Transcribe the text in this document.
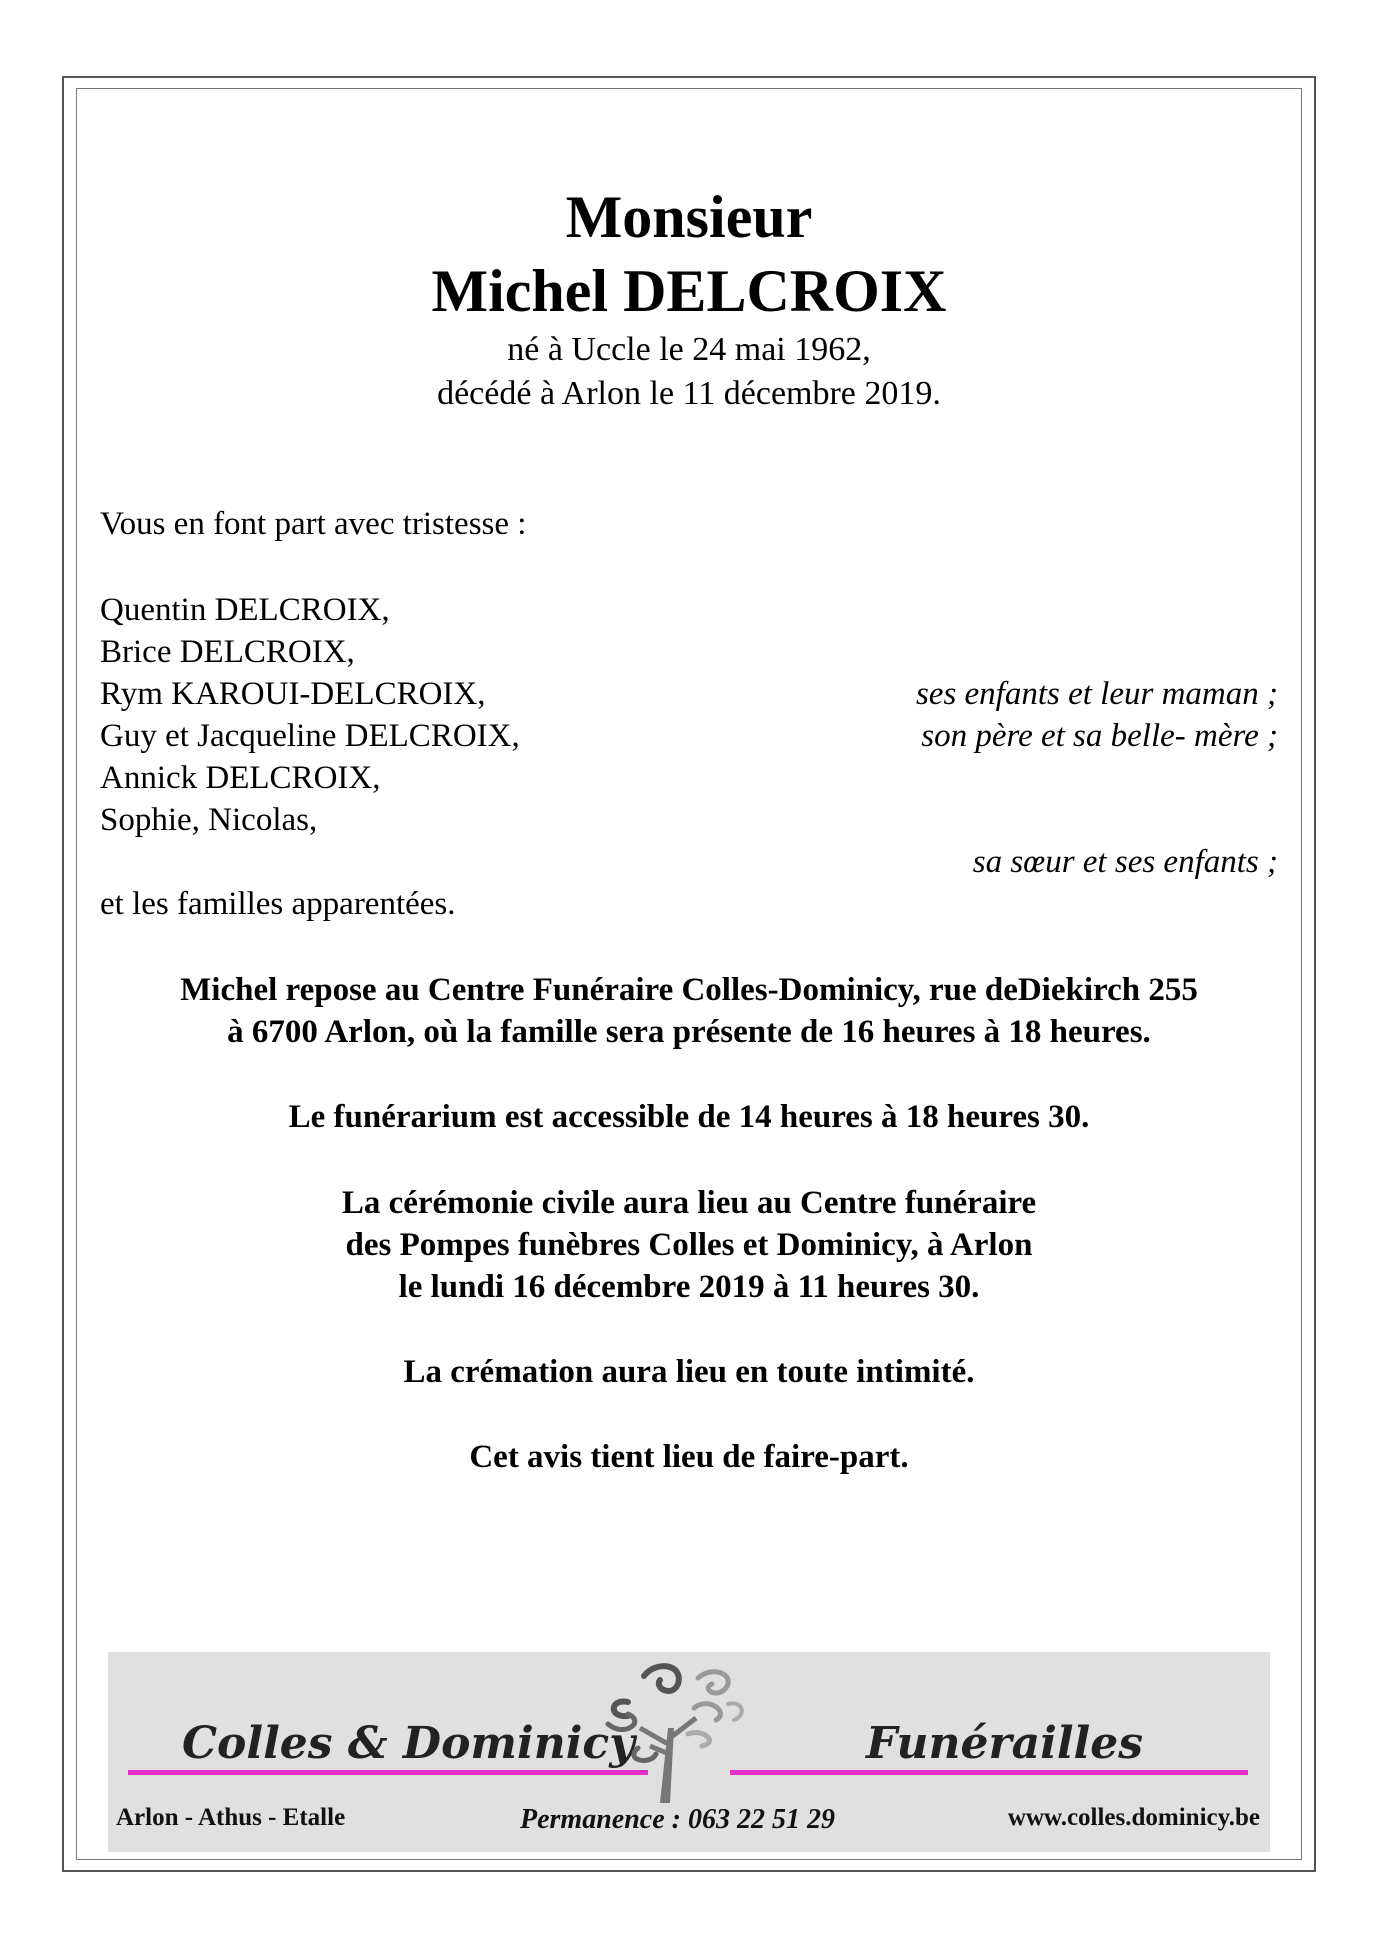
Monsieur
Michel DELCROIX
né à Uccle le 24 mai 1962,
décédé à Arlon le 11 décembre 2019.
Vous en font part avec tristesse :
Quentin DELCROIX,
Brice DELCROIX,
Rym KAROUI-DELCROIX,	ses enfants et leur maman ;
Guy et Jacqueline DELCROIX,	son père et sa belle- mère ;
Annick DELCROIX,
Sophie, Nicolas,
sa sœur et ses enfants ;
et les familles apparentées.
Michel repose au Centre Funéraire Colles-Dominicy, rue deDiekirch 255
à 6700 Arlon, où la famille sera présente de 16 heures à 18 heures.
Le funérarium est accessible de 14 heures à 18 heures 30.
La cérémonie civile aura lieu au Centre funéraire
des Pompes funèbres Colles et Dominicy, à Arlon
le lundi 16 décembre 2019 à 11 heures 30.
La crémation aura lieu en toute intimité.
Cet avis tient lieu de faire-part.
Colles & Dominicy	Funérailles
Arlon - Athus - Etalle	Permanence : 063 22 51 29	www.colles.dominicy.be
